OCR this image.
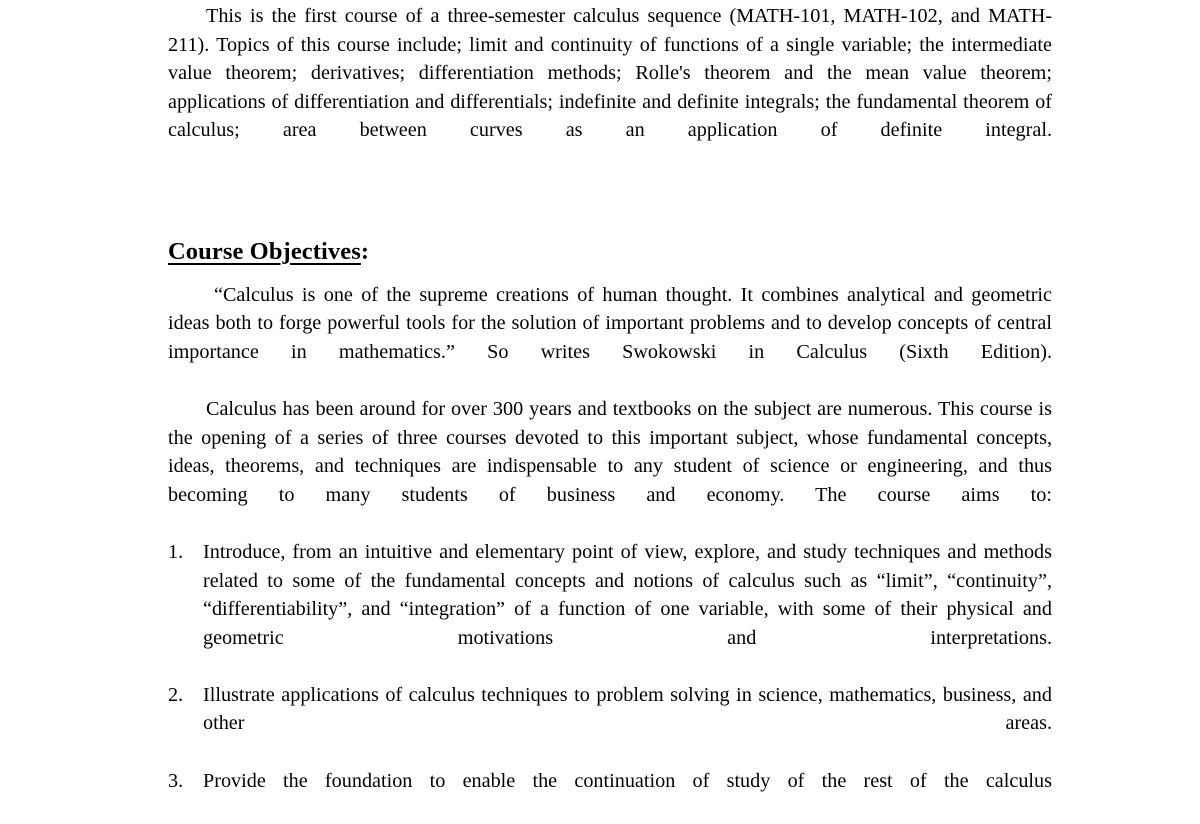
This is the first course of a three-semester calculus sequence (MATH-101, MATH-102, and MATH-211). Topics of this course include; limit and continuity of functions of a single variable; the intermediate value theorem; derivatives; differentiation methods; Rolle's theorem and the mean value theorem; applications of differentiation and differentials; indefinite and definite integrals; the fundamental theorem of calculus; area between curves as an application of definite integral.

Course Objectives:

“Calculus is one of the supreme creations of human thought. It combines analytical and geometric ideas both to forge powerful tools for the solution of important problems and to develop concepts of central importance in mathematics.” So writes Swokowski in Calculus (Sixth Edition).

Calculus has been around for over 300 years and textbooks on the subject are numerous. This course is the opening of a series of three courses devoted to this important subject, whose fundamental concepts, ideas, theorems, and techniques are indispensable to any student of science or engineering, and thus becoming to many students of business and economy. The course aims to:

1. Introduce, from an intuitive and elementary point of view, explore, and study techniques and methods related to some of the fundamental concepts and notions of calculus such as “limit”, “continuity”, “differentiability”, and “integration” of a function of one variable, with some of their physical and geometric motivations and interpretations.
2. Illustrate applications of calculus techniques to problem solving in science, mathematics, business, and other areas.
3. Provide the foundation to enable the continuation of study of the rest of the calculus
